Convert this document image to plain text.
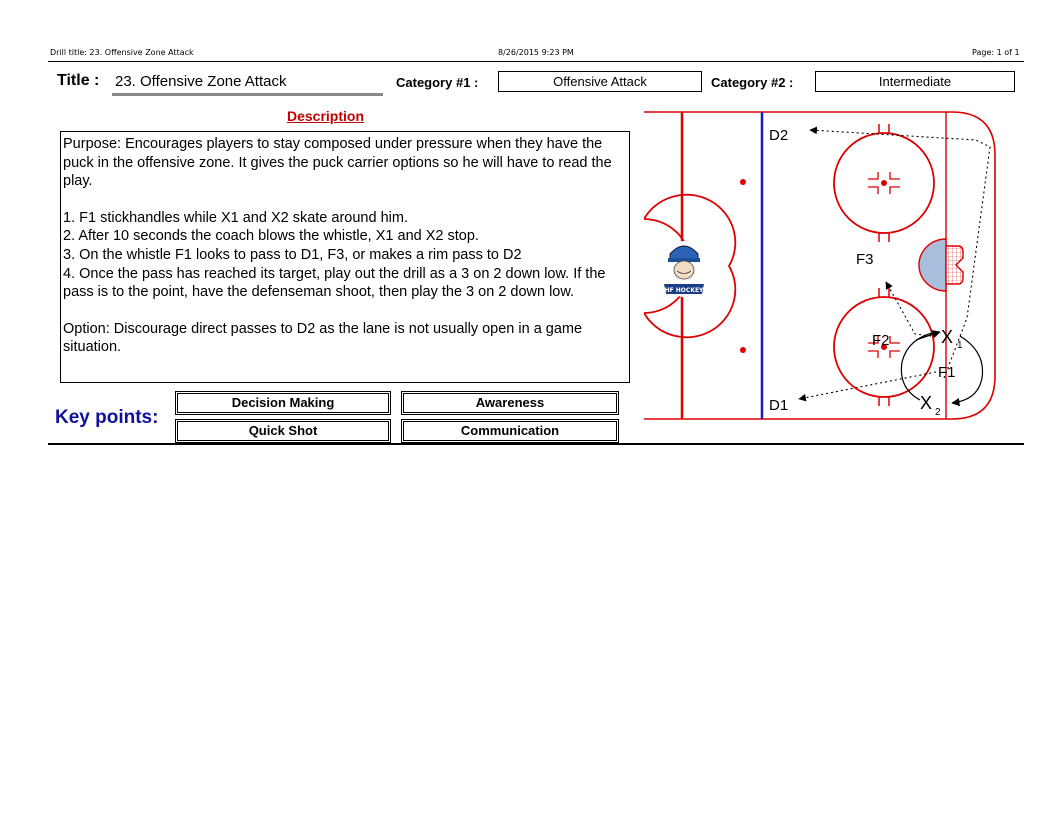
Drill title: 23. Offensive Zone Attack	8/26/2015 9:23 PM	Page: 1 of 1
Title : 23. Offensive Zone Attack	Category #1 :	Offensive Attack	Category #2 :	Intermediate
Description

Purpose: Encourages players to stay composed under pressure when they have the puck in the offensive zone. It gives the puck carrier options so he will have to read the play.

1. F1 stickhandles while X1 and X2 skate around him.

2. After 10 seconds the coach blows the whistle, X1 and X2 stop.

3. On the whistle F1 looks to pass to D1, F3, or makes a rim pass to D2

4. Once the pass has reached its target, play out the drill as a 3 on 2 down low. If the pass is to the point, have the defenseman shoot, then play the 3 on 2 down low.

Option: Discourage direct passes to D2 as the lane is not usually open in a game situation.

Key points:
Decision Making	Awareness
Quick Shot	Communication
HF HOCKEY
D2
D1
F3
F2
F1
X 1
X 2
